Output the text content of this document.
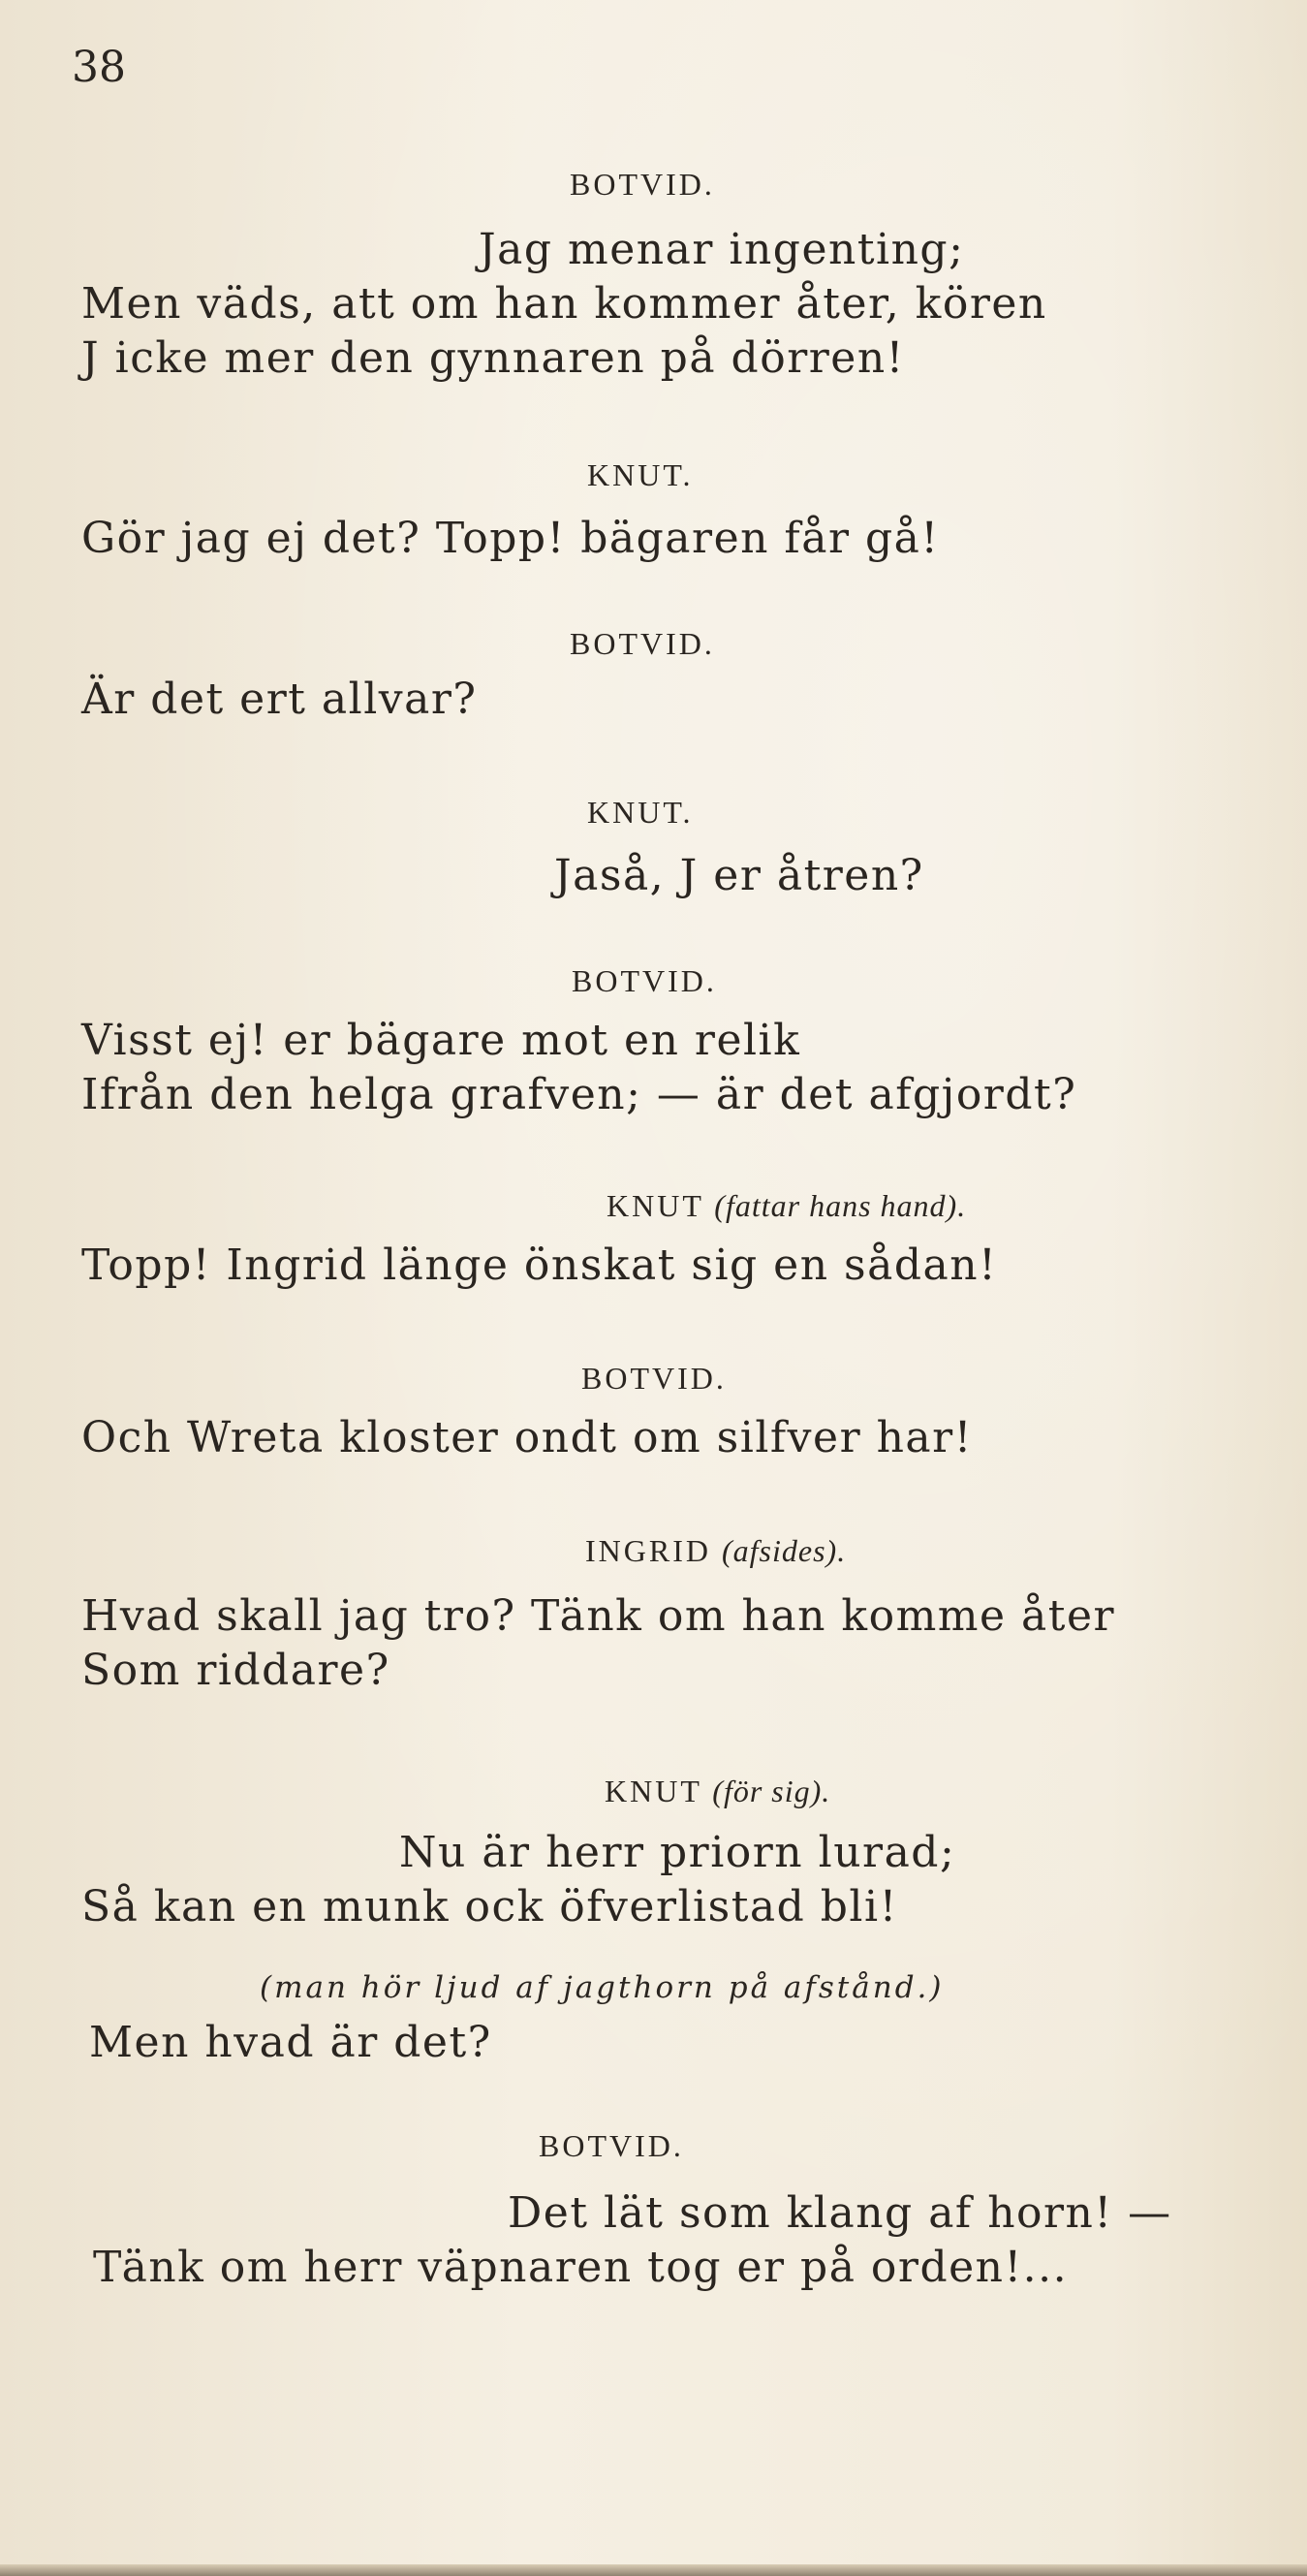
38
BOTVID.
Jag menar ingenting;
Men väds, att om han kommer åter, kören
J icke mer den gynnaren på dörren!
KNUT.
Gör jag ej det? Topp! bägaren får gå!
BOTVID.
Är det ert allvar?
KNUT.
Jaså, J er åtren?
BOTVID.
Visst ej! er bägare mot en relik
Ifrån den helga grafven; — är det afgjordt?
KNUT (fattar hans hand).
Topp! Ingrid länge önskat sig en sådan!
BOTVID.
Och Wreta kloster ondt om silfver har!
INGRID (afsides).
Hvad skall jag tro? Tänk om han komme åter
Som riddare?
KNUT (för sig).
Nu är herr priorn lurad;
Så kan en munk ock öfverlistad bli!
(man hör ljud af jagthorn på afstånd.)
Men hvad är det?
BOTVID.
Det lät som klang af horn! —
Tänk om herr väpnaren tog er på orden!...
